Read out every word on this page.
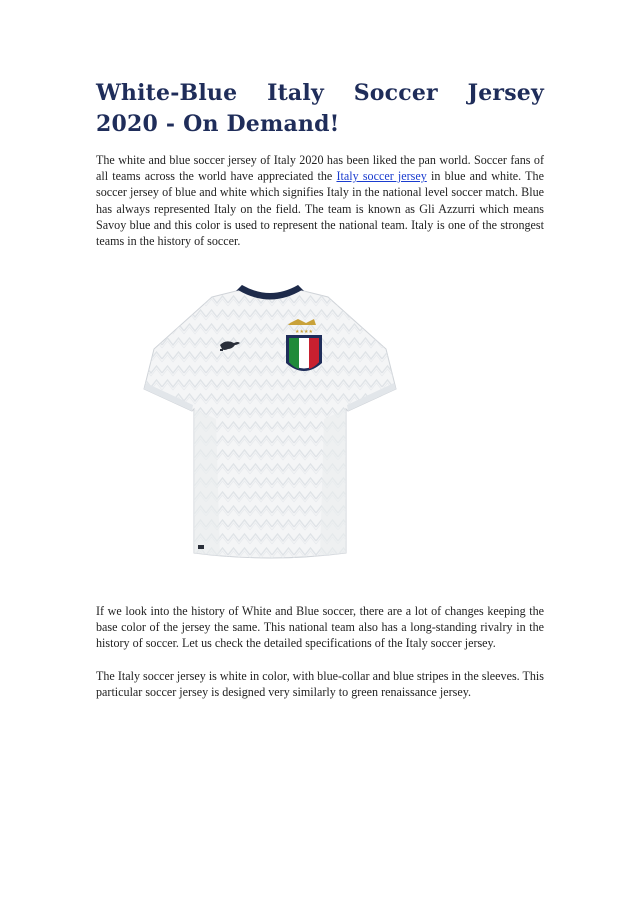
White-Blue Italy Soccer Jersey 2020 - On Demand!

The white and blue soccer jersey of Italy 2020 has been liked the pan world. Soccer fans of all teams across the world have appreciated the Italy soccer jersey in blue and white. The soccer jersey of blue and white which signifies Italy in the national level soccer match. Blue has always represented Italy on the field. The team is known as Gli Azzurri which means Savoy blue and this color is used to represent the national team. Italy is one of the strongest teams in the history of soccer.

★★★★

If we look into the history of White and Blue soccer, there are a lot of changes keeping the base color of the jersey the same. This national team also has a long-standing rivalry in the history of soccer. Let us check the detailed specifications of the Italy soccer jersey.

The Italy soccer jersey is white in color, with blue-collar and blue stripes in the sleeves. This particular soccer jersey is designed very similarly to green renaissance jersey.
